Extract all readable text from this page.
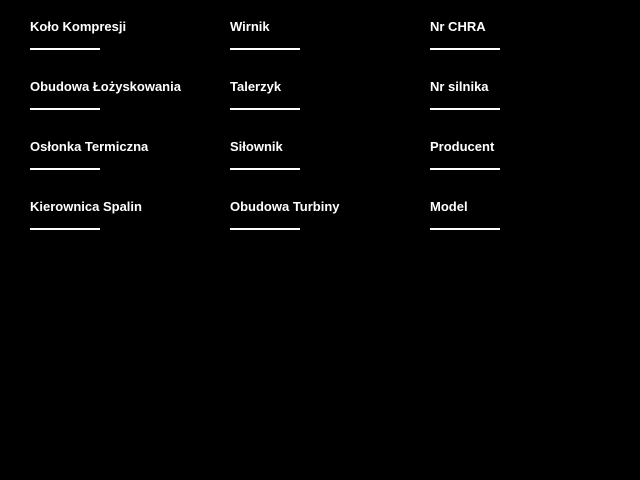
Koło Kompresji
Obudowa Łożyskowania
Osłonka Termiczna
Kierownica Spalin
Wirnik
Talerzyk
Siłownik
Obudowa Turbiny
Nr CHRA
Nr silnika
Producent
Model
